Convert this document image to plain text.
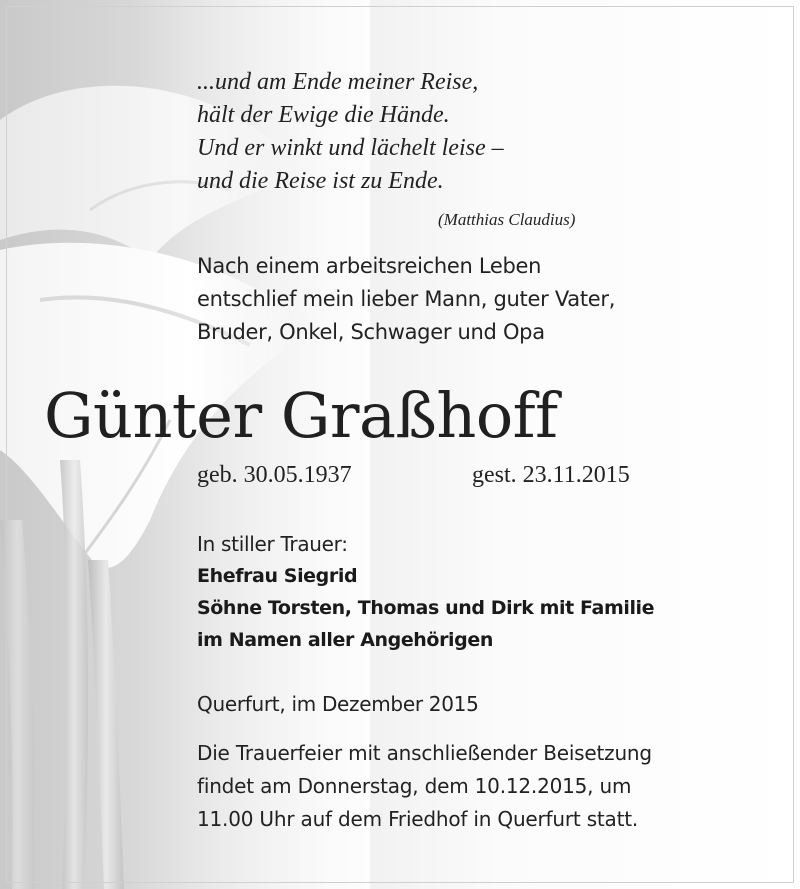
...und am Ende meiner Reise,
hält der Ewige die Hände.
Und er winkt und lächelt leise –
und die Reise ist zu Ende.
(Matthias Claudius)
Nach einem arbeitsreichen Leben
entschlief mein lieber Mann, guter Vater,
Bruder, Onkel, Schwager und Opa
Günter Graßhoff
geb. 30.05.1937	gest. 23.11.2015
In stiller Trauer:
Ehefrau Siegrid
Söhne Torsten, Thomas und Dirk mit Familie
im Namen aller Angehörigen
Querfurt, im Dezember 2015
Die Trauerfeier mit anschließender Beisetzung
findet am Donnerstag, dem 10.12.2015, um
11.00 Uhr auf dem Friedhof in Querfurt statt.
